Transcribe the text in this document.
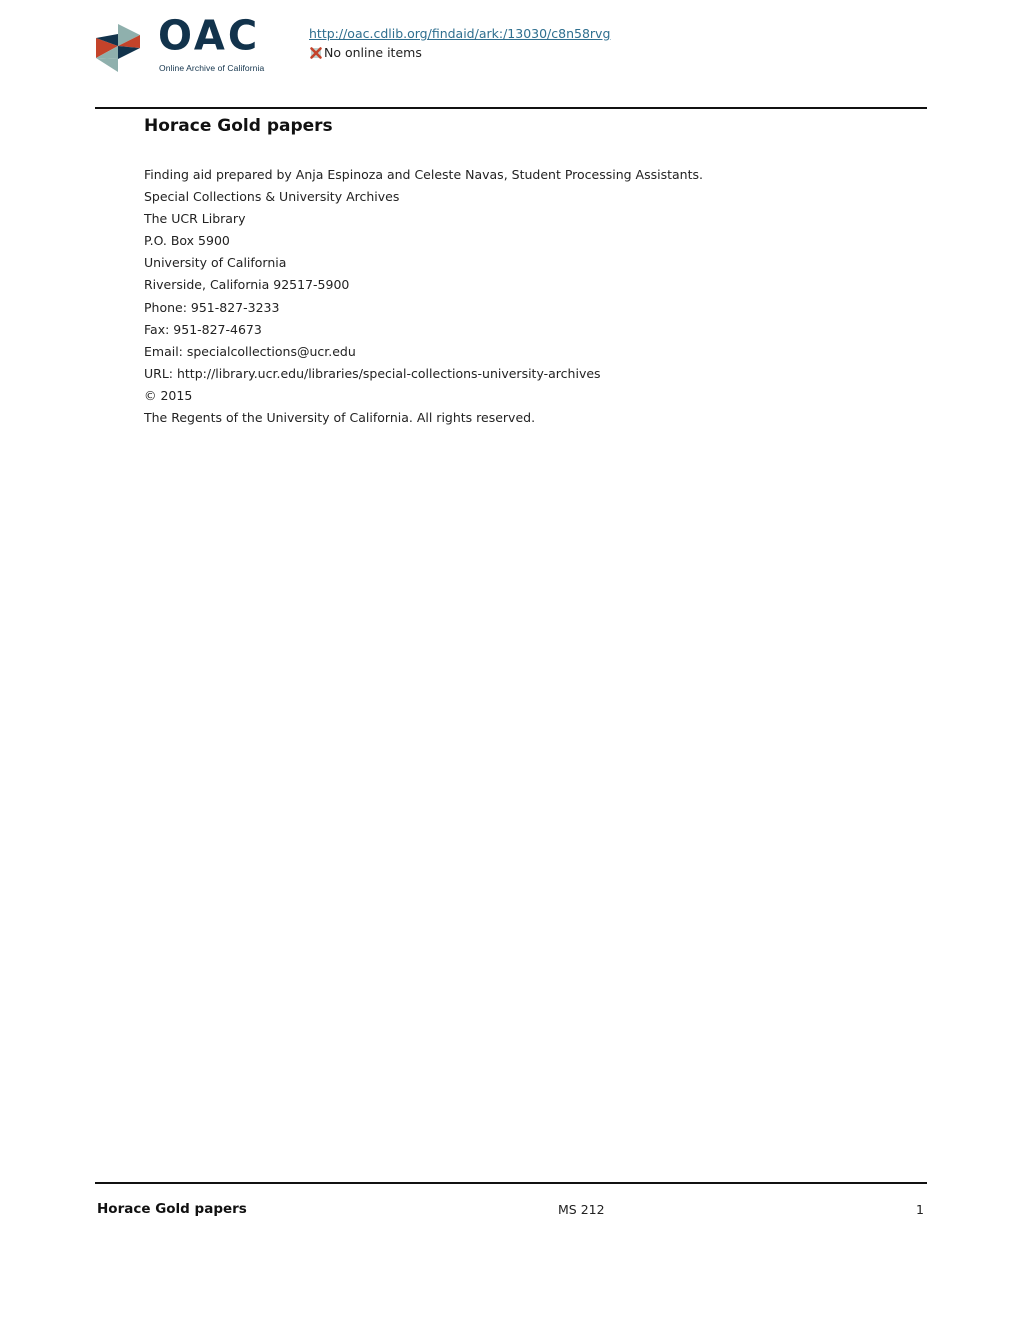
OAC
Online Archive of California
http://oac.cdlib.org/findaid/ark:/13030/c8n58rvg
No online items
Horace Gold papers
Finding aid prepared by Anja Espinoza and Celeste Navas, Student Processing Assistants.
Special Collections & University Archives
The UCR Library
P.O. Box 5900
University of California
Riverside, California 92517-5900
Phone: 951-827-3233
Fax: 951-827-4673
Email: specialcollections@ucr.edu
URL: http://library.ucr.edu/libraries/special-collections-university-archives
© 2015
The Regents of the University of California. All rights reserved.
Horace Gold papers	MS 212	1
